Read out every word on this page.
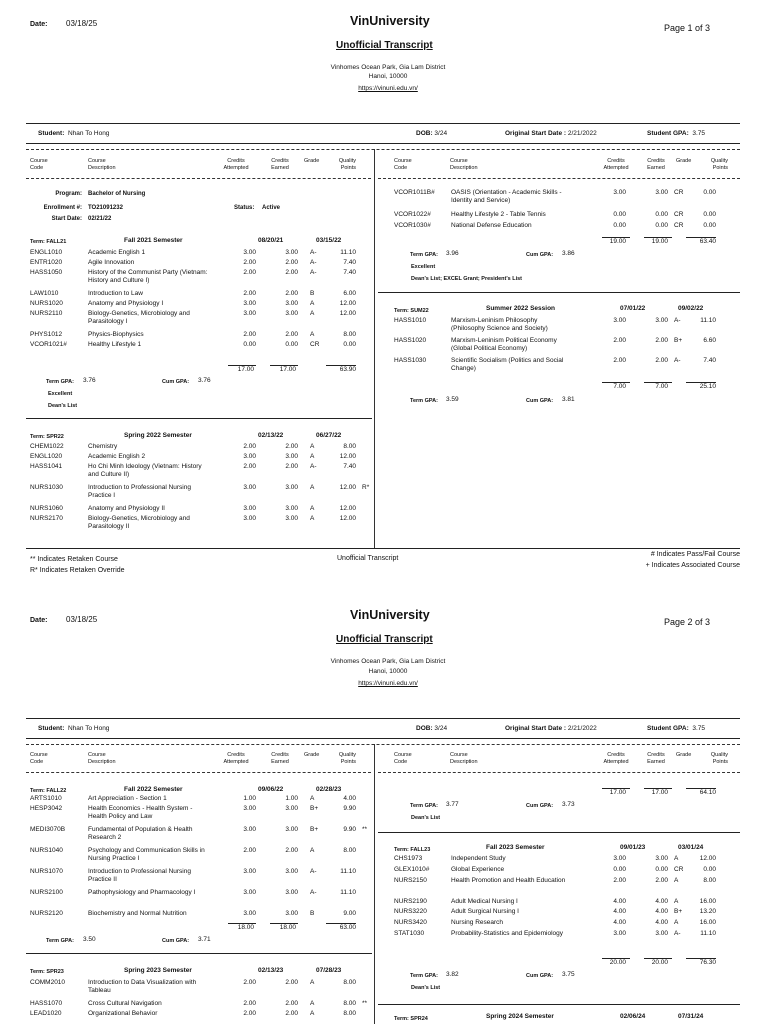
Date: 03/18/25	VinUniversity	Page 1 of 3
Unofficial Transcript
Vinhomes Ocean Park, Gia Lam District
Hanoi, 10000
https://vinuni.edu.vn/
Student: Nhan To Hong	DOB: 3/24	Original Start Date : 2/21/2022	Student GPA: 3.75
Course
Code
Course
Description
Credits
Attempted
Credits
Earned
Grade	Quality
Points
Course
Code
Course
Description
Credits
Attempted
Credits
Earned
Grade	Quality
Points
Program: Bachelor of Nursing
Enrollment #: TO21091232	Status: Active
Start Date: 02/21/22
Term: FALL21	Fall 2021 Semester	08/20/21	03/15/22
ENGL1010	Academic English 1	3.00	3.00 A-	11.10
ENTR1020	Agile Innovation	2.00	2.00 A-	7.40
HASS1050	History of the Communist Party (Vietnam: History and Culture I)
2.00	2.00 A-	7.40
LAW1010	Introduction to Law	2.00	2.00 B	6.00
NURS1020	Anatomy and Physiology I	3.00	3.00 A	12.00
NURS2110	Biology-Genetics, Microbiology and Parasitology I
3.00	3.00 A	12.00
PHYS1012	Physics-Biophysics	2.00	2.00 A	8.00
VCOR1021#	Healthy Lifestyle 1	0.00	0.00 CR	0.00
17.00	17.00	63.90
Term GPA: 3.76	Cum GPA: 3.76
Excellent
Dean's List
Term: SPR22	Spring 2022 Semester	02/13/22	06/27/22
CHEM1022	Chemistry	2.00	2.00 A	8.00
ENGL1020	Academic English 2	3.00	3.00 A	12.00
HASS1041	Ho Chi Minh Ideology (Vietnam: History and Culture II)
2.00	2.00 A-	7.40
NURS1030	Introduction to Professional Nursing Practice I
3.00	3.00 A	12.00 R*
NURS1060	Anatomy and Physiology II	3.00	3.00 A	12.00
NURS2170	Biology-Genetics, Microbiology and Parasitology II
3.00	3.00 A	12.00
VCOR1011B#	OASIS (Orientation - Academic Skills - Identity and Service)
3.00	3.00 CR	0.00
VCOR1022#	Healthy Lifestyle 2 - Table Tennis	0.00	0.00 CR	0.00
VCOR1030#	National Defense Education	0.00	0.00 CR	0.00
19.00	19.00	63.40
Term GPA: 3.96	Cum GPA: 3.86
Excellent
Dean's List; EXCEL Grant; President's List
Term: SUM22	Summer 2022 Session	07/01/22	09/02/22
HASS1010	Marxism-Leninism Philosophy (Philosophy Science and Society)
3.00	3.00 A-	11.10
HASS1020	Marxism-Leninism Political Economy (Global Political Economy)
2.00	2.00 B+	6.60
HASS1030	Scientific Socialism (Politics and Social Change)
2.00	2.00 A-	7.40
7.00	7.00	25.10
Term GPA: 3.59	Cum GPA: 3.81
** Indicates Retaken Course
R* Indicates Retaken Override
Unofficial Transcript
# Indicates Pass/Fail Course
+ Indicates Associated Course
Date: 03/18/25	VinUniversity	Page 2 of 3
Unofficial Transcript
Vinhomes Ocean Park, Gia Lam District
Hanoi, 10000
https://vinuni.edu.vn/
Student: Nhan To Hong	DOB: 3/24	Original Start Date : 2/21/2022	Student GPA: 3.75
Course
Code
Course
Description
Credits
Attempted
Credits
Earned
Grade	Quality
Points
Course
Code
Course
Description
Credits
Attempted
Credits
Earned
Grade	Quality
Points
Term: FALL22	Fall 2022 Semester	09/06/22	02/28/23
ARTS1010	Art Appreciation - Section 1	1.00	1.00 A	4.00
HESP3042	Health Economics - Health System - Health Policy and Law
3.00	3.00 B+	9.90
MEDI3070B	Fundamental of Population & Health Research 2
3.00	3.00 B+	9.90 **
NURS1040	Psychology and Communication Skills in Nursing Practice I
2.00	2.00 A	8.00
NURS1070	Introduction to Professional Nursing Practice II
3.00	3.00 A-	11.10
NURS2100	Pathophysiology and Pharmacology I	3.00	3.00 A-	11.10
NURS2120	Biochemistry and Normal Nutrition	3.00	3.00 B	9.00
18.00	18.00	63.00
Term GPA: 3.50	Cum GPA: 3.71
Term: SPR23	Spring 2023 Semester	02/13/23	07/28/23
COMM2010	Introduction to Data Visualization with Tableau
2.00	2.00 A	8.00
HASS1070	Cross Cultural Navigation	2.00	2.00 A	8.00 **
LEAD1020	Organizational Behavior	2.00	2.00 A	8.00
17.00	17.00	64.10
Term GPA: 3.77	Cum GPA: 3.73
Dean's List
Term: FALL23	Fall 2023 Semester	09/01/23	03/01/24
CHS1973	Independent Study	3.00	3.00 A	12.00
GLEX1010#	Global Experience	0.00	0.00 CR	0.00
NURS2150	Health Promotion and Health Education	2.00	2.00 A	8.00
NURS2190	Adult Medical Nursing I	4.00	4.00 A	16.00
NURS3220	Adult Surgical Nursing I	4.00	4.00 B+	13.20
NURS3420	Nursing Research	4.00	4.00 A	16.00
STAT1030	Probability-Statistics and Epidemiology	3.00	3.00 A-	11.10
20.00	20.00	76.30
Term GPA: 3.82	Cum GPA: 3.75
Dean's List
Term: SPR24	Spring 2024 Semester	02/06/24	07/31/24
